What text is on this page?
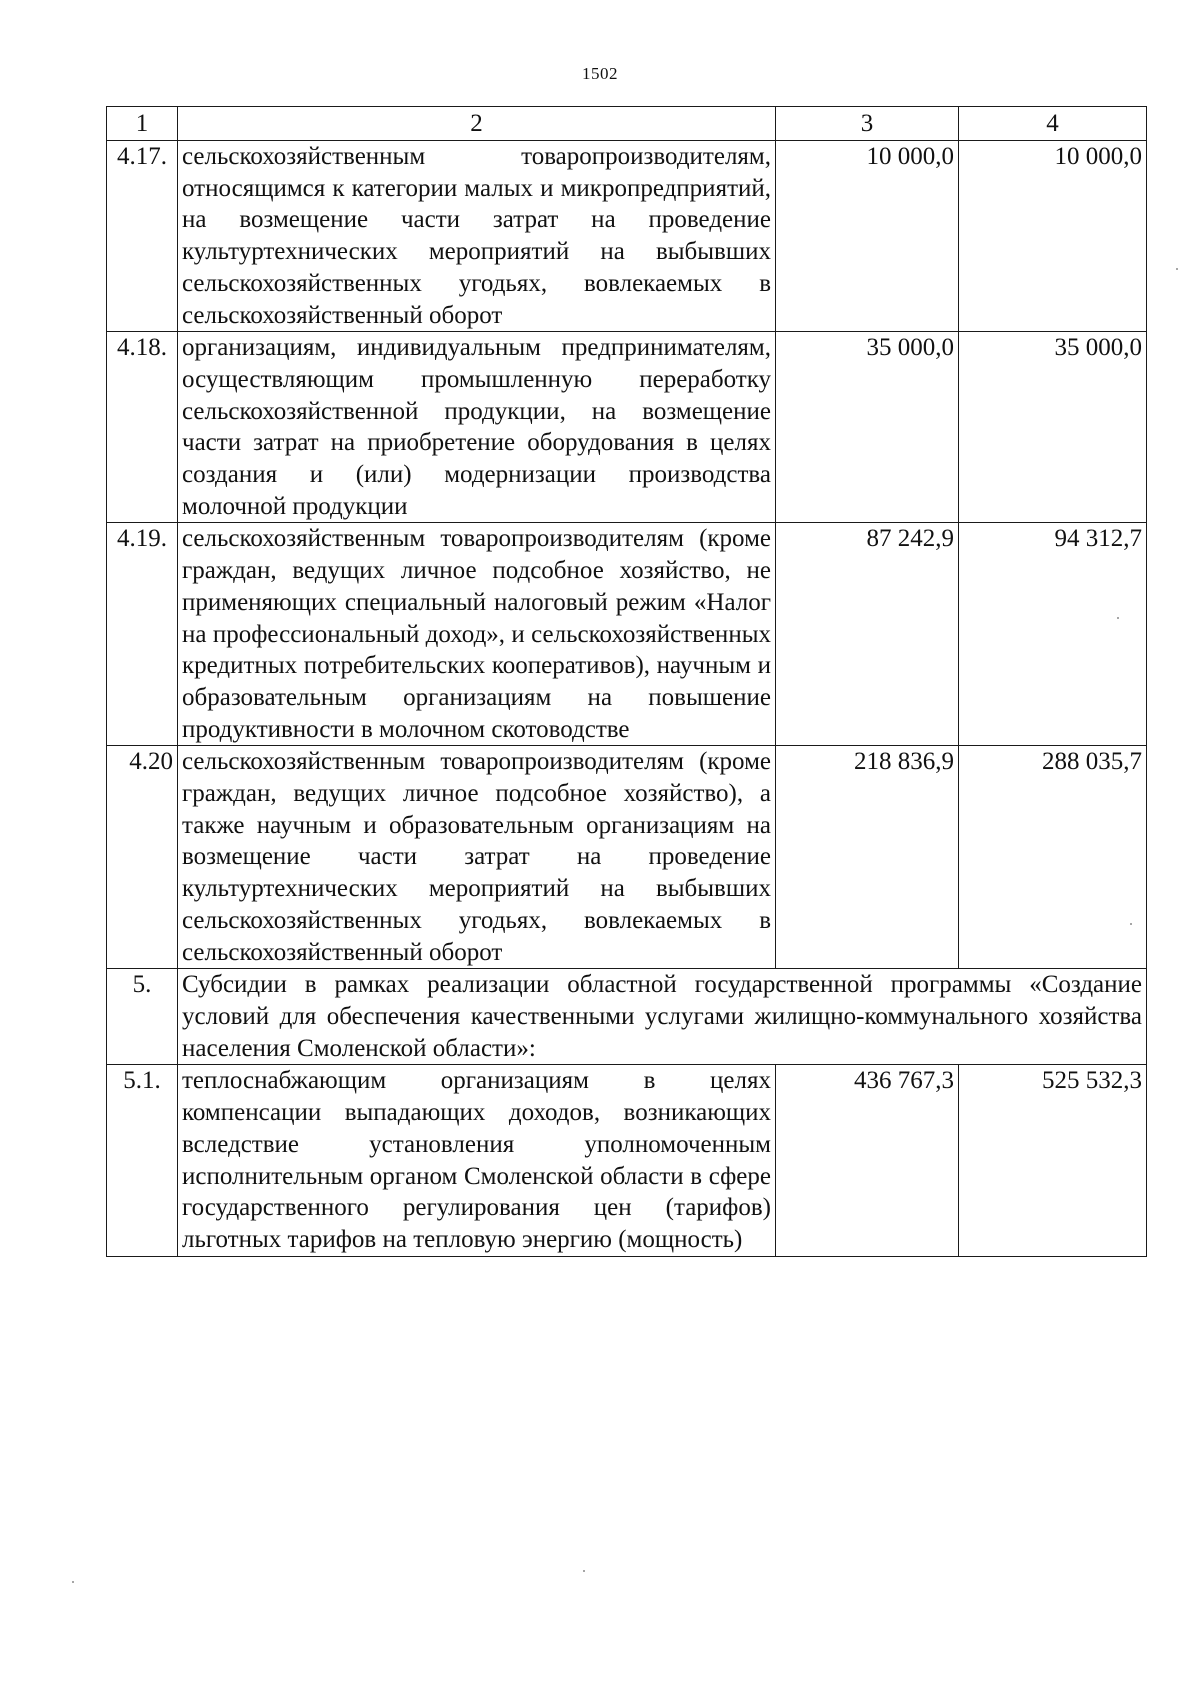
1502
1	2	3	4
4.17.	сельскохозяйственным товаропроизводителям, относящимся к категории малых и микропредприятий, на возмещение части затрат на проведение культуртехнических мероприятий на выбывших сельскохозяйственных угодьях, вовлекаемых в сельскохозяйственный оборот	10 000,0	10 000,0
4.18.	организациям, индивидуальным предпринимателям, осуществляющим промышленную переработку сельскохозяйственной продукции, на возмещение части затрат на приобретение оборудования в целях создания и (или) модернизации производства молочной продукции	35 000,0	35 000,0
4.19.	сельскохозяйственным товаропроизводителям (кроме граждан, ведущих личное подсобное хозяйство, не применяющих специальный налоговый режим «Налог на профессиональный доход», и сельскохозяйственных кредитных потребительских кооперативов), научным и образовательным организациям на повышение продуктивности в молочном скотоводстве	87 242,9	94 312,7
4.20	сельскохозяйственным товаропроизводителям (кроме граждан, ведущих личное подсобное хозяйство), а также научным и образовательным организациям на возмещение части затрат на проведение культуртехнических мероприятий на выбывших сельскохозяйственных угодьях, вовлекаемых в сельскохозяйственный оборот	218 836,9	288 035,7
5.	Субсидии в рамках реализации областной государственной программы «Создание условий для обеспечения качественными услугами жилищно-коммунального хозяйства населения Смоленской области»:		
5.1.	теплоснабжающим организациям в целях компенсации выпадающих доходов, возникающих вследствие установления уполномоченным исполнительным органом Смоленской области в сфере государственного регулирования цен (тарифов) льготных тарифов на тепловую энергию (мощность)	436 767,3	525 532,3
